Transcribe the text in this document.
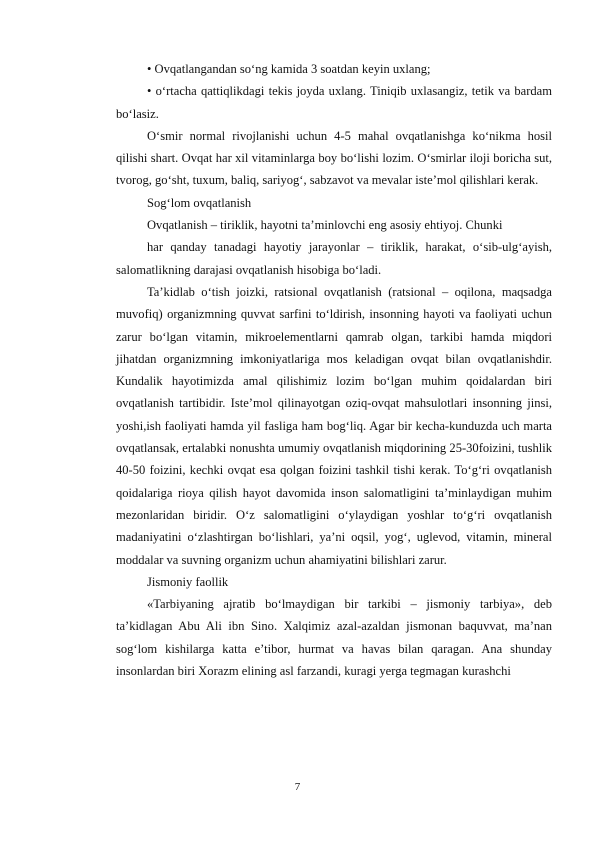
• Ovqatlangandan so‘ng kamida 3 soatdan keyin uxlang;

• o‘rtacha qattiqlikdagi tekis joyda uxlang. Tiniqib uxlasangiz, tetik va bardam bo‘lasiz.

O‘smir normal rivojlanishi uchun 4-5 mahal ovqatlanishga ko‘nikma hosil qilishi shart. Ovqat har xil vitaminlarga boy bo‘lishi lozim. O‘smirlar iloji boricha sut, tvorog, go‘sht, tuxum, baliq, sariyog‘, sabzavot va mevalar iste’mol qilishlari kerak.

Sog‘lom ovqatlanish

Ovqatlanish – tiriklik, hayotni ta’minlovchi eng asosiy ehtiyoj. Chunki

har qanday tanadagi hayotiy jarayonlar – tiriklik, harakat, o‘sib-ulg‘ayish, salomatlikning darajasi ovqatlanish hisobiga bo‘ladi.

Ta’kidlab o‘tish joizki, ratsional ovqatlanish (ratsional – oqilona, maqsadga muvofiq) organizmning quvvat sarfini to‘ldirish, insonning hayoti va faoliyati uchun zarur bo‘lgan vitamin, mikroelementlarni qamrab olgan, tarkibi hamda miqdori jihatdan organizmning imkoniyatlariga mos keladigan ovqat bilan ovqatlanishdir. Kundalik hayotimizda amal qilishimiz lozim bo‘lgan muhim qoidalardan biri ovqatlanish tartibidir. Iste’mol qilinayotgan oziq-ovqat mahsulotlari insonning jinsi, yoshi,ish faoliyati hamda yil fasliga ham bog‘liq. Agar bir kecha-kunduzda uch marta ovqatlansak, ertalabki nonushta umumiy ovqatlanish miqdorining 25-30foizini, tushlik 40-50 foizini, kechki ovqat esa qolgan foizini tashkil tishi kerak. To‘g‘ri ovqatlanish qoidalariga rioya qilish hayot davomida inson salomatligini ta’minlaydigan muhim mezonlaridan biridir. O‘z salomatligini o‘ylaydigan yoshlar to‘g‘ri ovqatlanish madaniyatini o‘zlashtirgan bo‘lishlari, ya’ni oqsil, yog‘, uglevod, vitamin, mineral moddalar va suvning organizm uchun ahamiyatini bilishlari zarur.

Jismoniy faollik

«Tarbiyaning ajratib bo‘lmaydigan bir tarkibi – jismoniy tarbiya», deb ta’kidlagan Abu Ali ibn Sino. Xalqimiz azal-azaldan jismonan baquvvat, ma’nan sog‘lom kishilarga katta e’tibor, hurmat va havas bilan qaragan. Ana shunday insonlardan biri Xorazm elining asl farzandi, kuragi yerga tegmagan kurashchi

7
